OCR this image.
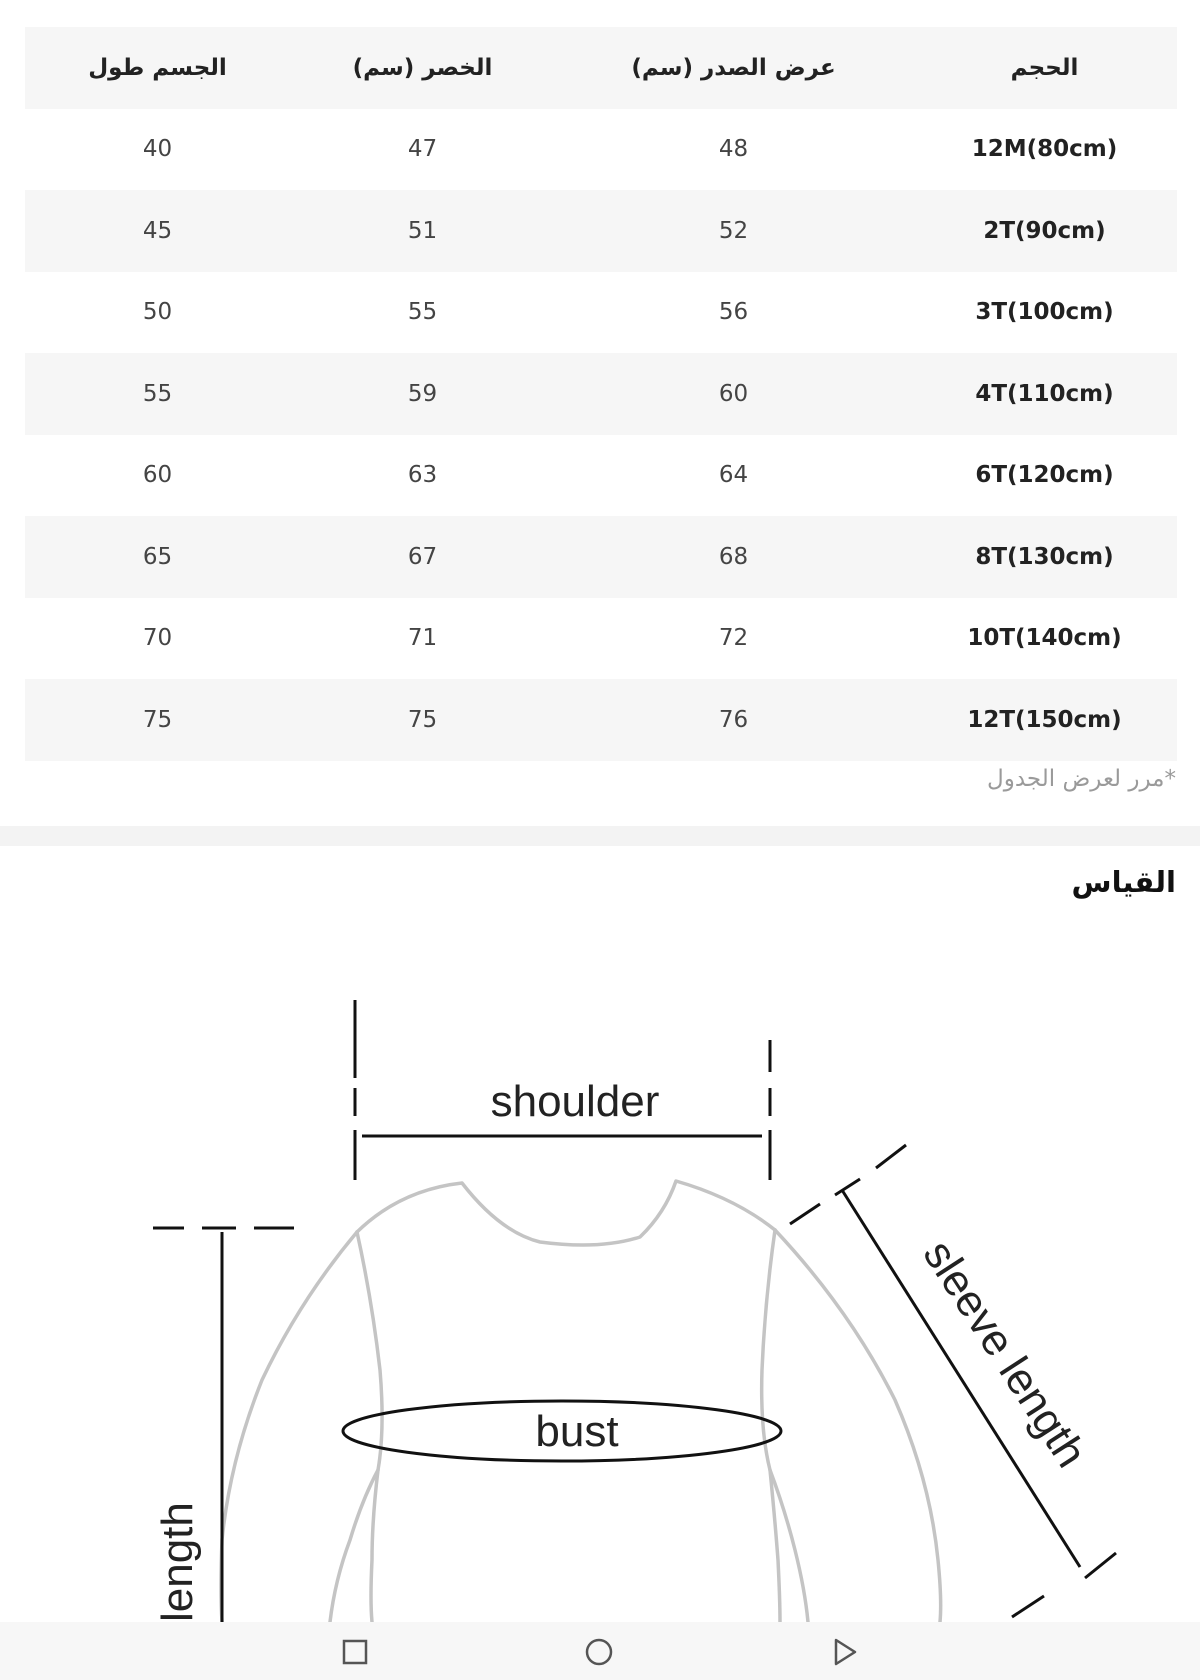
الجسم طول	الخصر (سم)	عرض الصدر (سم)	الحجم
40	47	48	12M(80cm)
45	51	52	2T(90cm)
50	55	56	3T(100cm)
55	59	60	4T(110cm)
60	63	64	6T(120cm)
65	67	68	8T(130cm)
70	71	72	10T(140cm)
75	75	76	12T(150cm)
*مرر لعرض الجدول
القياس
shoulder
bust
length
sleeve length
